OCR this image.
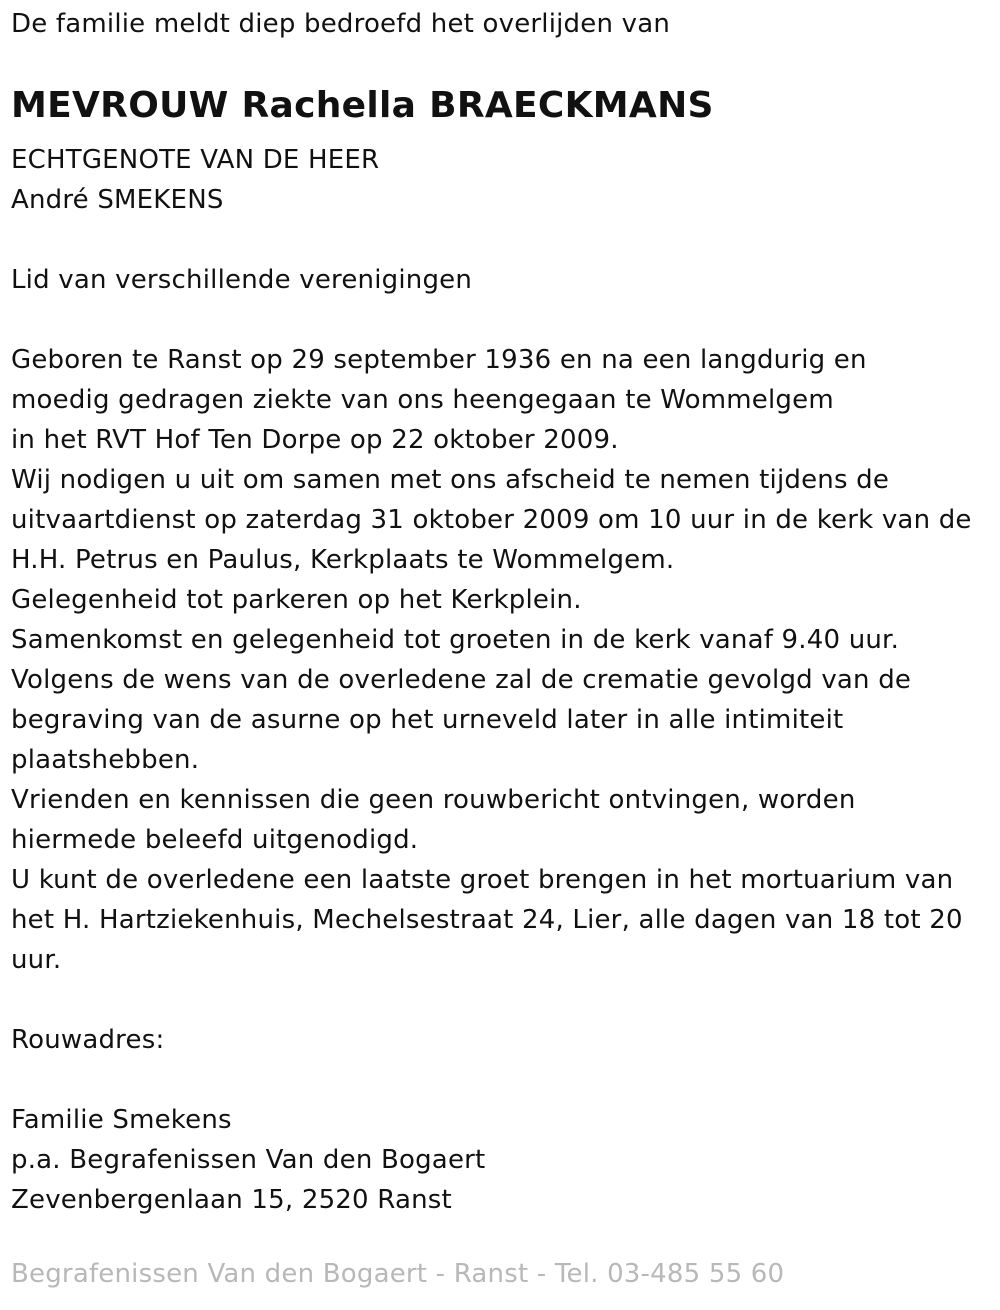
De familie meldt diep bedroefd het overlijden van
MEVROUW Rachella BRAECKMANS
ECHTGENOTE VAN DE HEER
André SMEKENS
Lid van verschillende verenigingen
Geboren te Ranst op 29 september 1936 en na een langdurig en
moedig gedragen ziekte van ons heengegaan te Wommelgem
in het RVT Hof Ten Dorpe op 22 oktober 2009.
Wij nodigen u uit om samen met ons afscheid te nemen tijdens de
uitvaartdienst op zaterdag 31 oktober 2009 om 10 uur in de kerk van de
H.H. Petrus en Paulus, Kerkplaats te Wommelgem.
Gelegenheid tot parkeren op het Kerkplein.
Samenkomst en gelegenheid tot groeten in de kerk vanaf 9.40 uur.
Volgens de wens van de overledene zal de crematie gevolgd van de
begraving van de asurne op het urneveld later in alle intimiteit
plaatshebben.
Vrienden en kennissen die geen rouwbericht ontvingen, worden
hiermede beleefd uitgenodigd.
U kunt de overledene een laatste groet brengen in het mortuarium van
het H. Hartziekenhuis, Mechelsestraat 24, Lier, alle dagen van 18 tot 20
uur.
Rouwadres:
Familie Smekens
p.a. Begrafenissen Van den Bogaert
Zevenbergenlaan 15, 2520 Ranst
Begrafenissen Van den Bogaert - Ranst - Tel. 03-485 55 60
